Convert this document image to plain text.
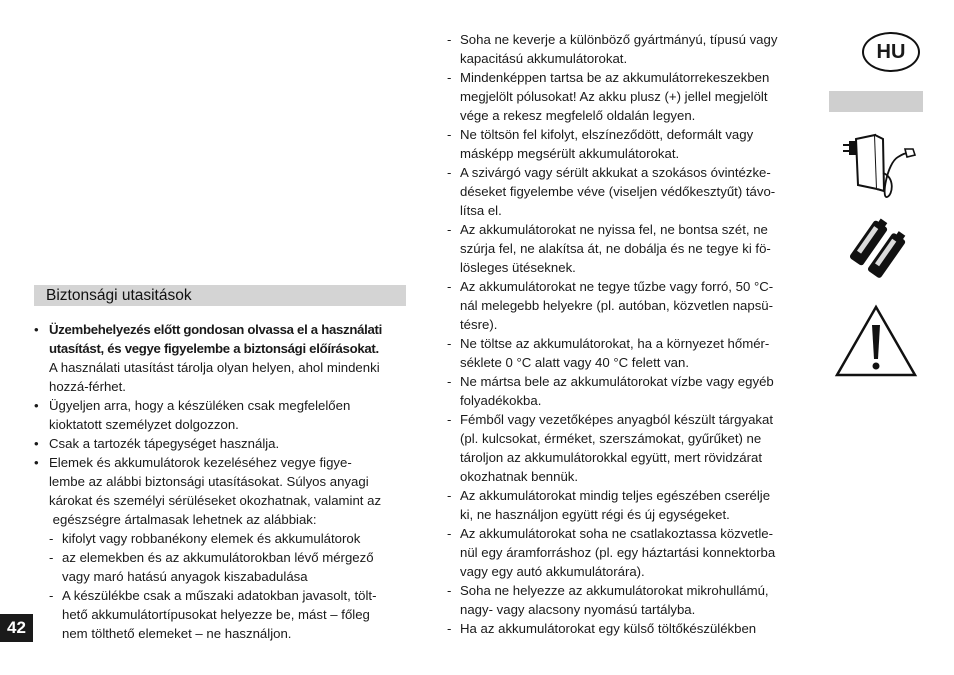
Biztonsági utasitások
• Üzembehelyezés előtt gondosan olvassa el a használati
utasítást, és vegye figyelembe a biztonsági előírásokat.
A használati utasítást tárolja olyan helyen, ahol mindenki
hozzá-férhet.
• Ügyeljen arra, hogy a készüléken csak megfelelően
kioktatott személyzet dolgozzon.
• Csak a tartozék tápegységet használja.
• Elemek és akkumulátorok kezeléséhez vegye figye-
lembe az alábbi biztonsági utasításokat. Súlyos anyagi
károkat és személyi sérüléseket okozhatnak, valamint az
egészségre ártalmasak lehetnek az alábbiak:
- kifolyt vagy robbanékony elemek és akkumulátorok
- az elemekben és az akkumulátorokban lévő mérgező
vagy maró hatású anyagok kiszabadulása
- A készülékbe csak a műszaki adatokban javasolt, tölt-
hető akkumulátortípusokat helyezze be, mást – főleg
nem tölthető elemeket – ne használjon.
- Soha ne keverje a különböző gyártmányú, típusú vagy
kapacitású akkumulátorokat.
- Mindenképpen tartsa be az akkumulátorrekeszekben
megjelölt pólusokat! Az akku plusz (+) jellel megjelölt
vége a rekesz megfelelő oldalán legyen.
- Ne töltsön fel kifolyt, elszíneződött, deformált vagy
másképp megsérült akkumulátorokat.
- A szivárgó vagy sérült akkukat a szokásos óvintézke-
déseket figyelembe véve (viseljen védőkesztyűt) távo-
lítsa el.
- Az akkumulátorokat ne nyissa fel, ne bontsa szét, ne
szúrja fel, ne alakítsa át, ne dobálja és ne tegye ki fö-
lösleges ütéseknek.
- Az akkumulátorokat ne tegye tűzbe vagy forró, 50 °C-
nál melegebb helyekre (pl. autóban, közvetlen napsü-
tésre).
- Ne töltse az akkumulátorokat, ha a környezet hőmér-
séklete 0 °C alatt vagy 40 °C felett van.
- Ne mártsa bele az akkumulátorokat vízbe vagy egyéb
folyadékokba.
- Fémből vagy vezetőképes anyagból készült tárgyakat
(pl. kulcsokat, érméket, szerszámokat, gyűrűket) ne
tároljon az akkumulátorokkal együtt, mert rövidzárat
okozhatnak bennük.
- Az akkumulátorokat mindig teljes egészében cserélje
ki, ne használjon együtt régi és új egységeket.
- Az akkumulátorokat soha ne csatlakoztassa közvetle-
nül egy áramforráshoz (pl. egy háztartási konnektorba
vagy egy autó akkumulátorára).
- Soha ne helyezze az akkumulátorokat mikrohullámú,
nagy- vagy alacsony nyomású tartályba.
- Ha az akkumulátorokat egy külső töltőkészülékben
42
HU
